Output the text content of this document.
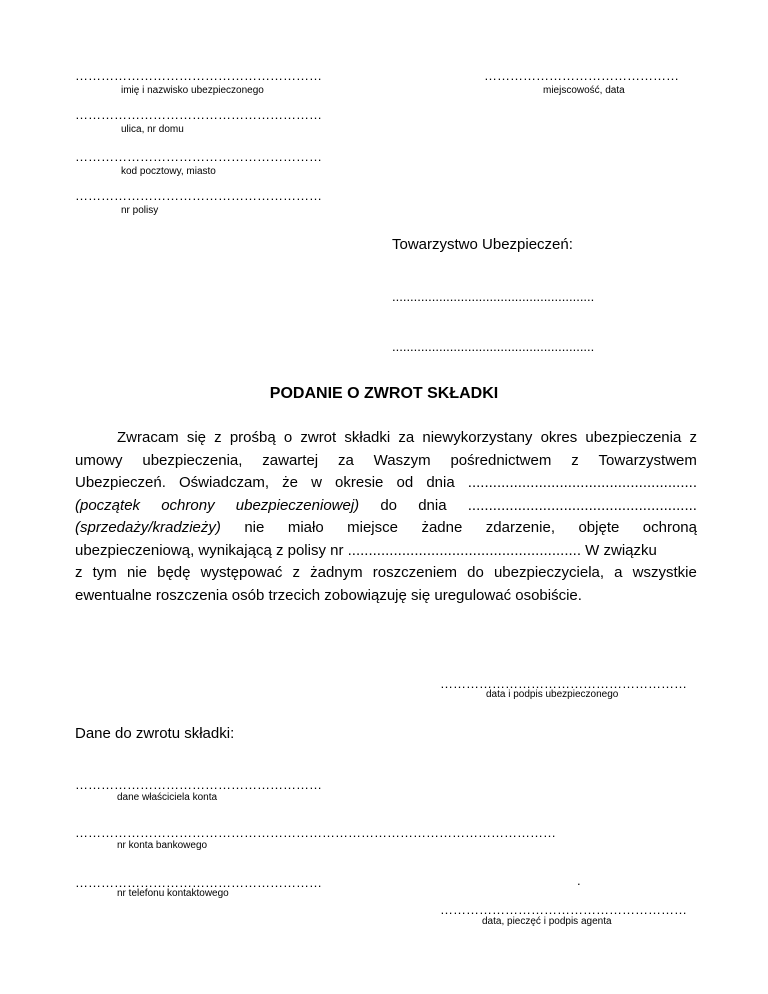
…………………………………………………
imię i nazwisko ubezpieczonego
…………………………………………………
ulica, nr domu
…………………………………………………
kod pocztowy, miasto
…………………………………………………
nr polisy
………………………………………
miejscowość, data
Towarzystwo Ubezpieczeń:
........................................................
........................................................
PODANIE O ZWROT SKŁADKI
Zwracam się z prośbą o zwrot składki za niewykorzystany okres ubezpieczenia z
umowy ubezpieczenia, zawartej za Waszym pośrednictwem z Towarzystwem
Ubezpieczeń. Oświadczam, że w okresie od dnia .......................................................
(początek ochrony ubezpieczeniowej) do dnia .......................................................
(sprzedaży/kradzieży) nie miało miejsce żadne zdarzenie, objęte ochroną
ubezpieczeniową, wynikającą z polisy nr ........................................................ W związku
z tym nie będę występować z żadnym roszczeniem do ubezpieczyciela, a wszystkie
ewentualne roszczenia osób trzecich zobowiązuję się uregulować osobiście.
…………………………………………………
data i podpis ubezpieczonego
Dane do zwrotu składki:
…………………………………………………
dane właściciela konta
…………………………………………………………………………………………………
nr konta bankowego
…………………………………………………
nr telefonu kontaktowego
.
…………………………………………………
data, pieczęć i podpis agenta
